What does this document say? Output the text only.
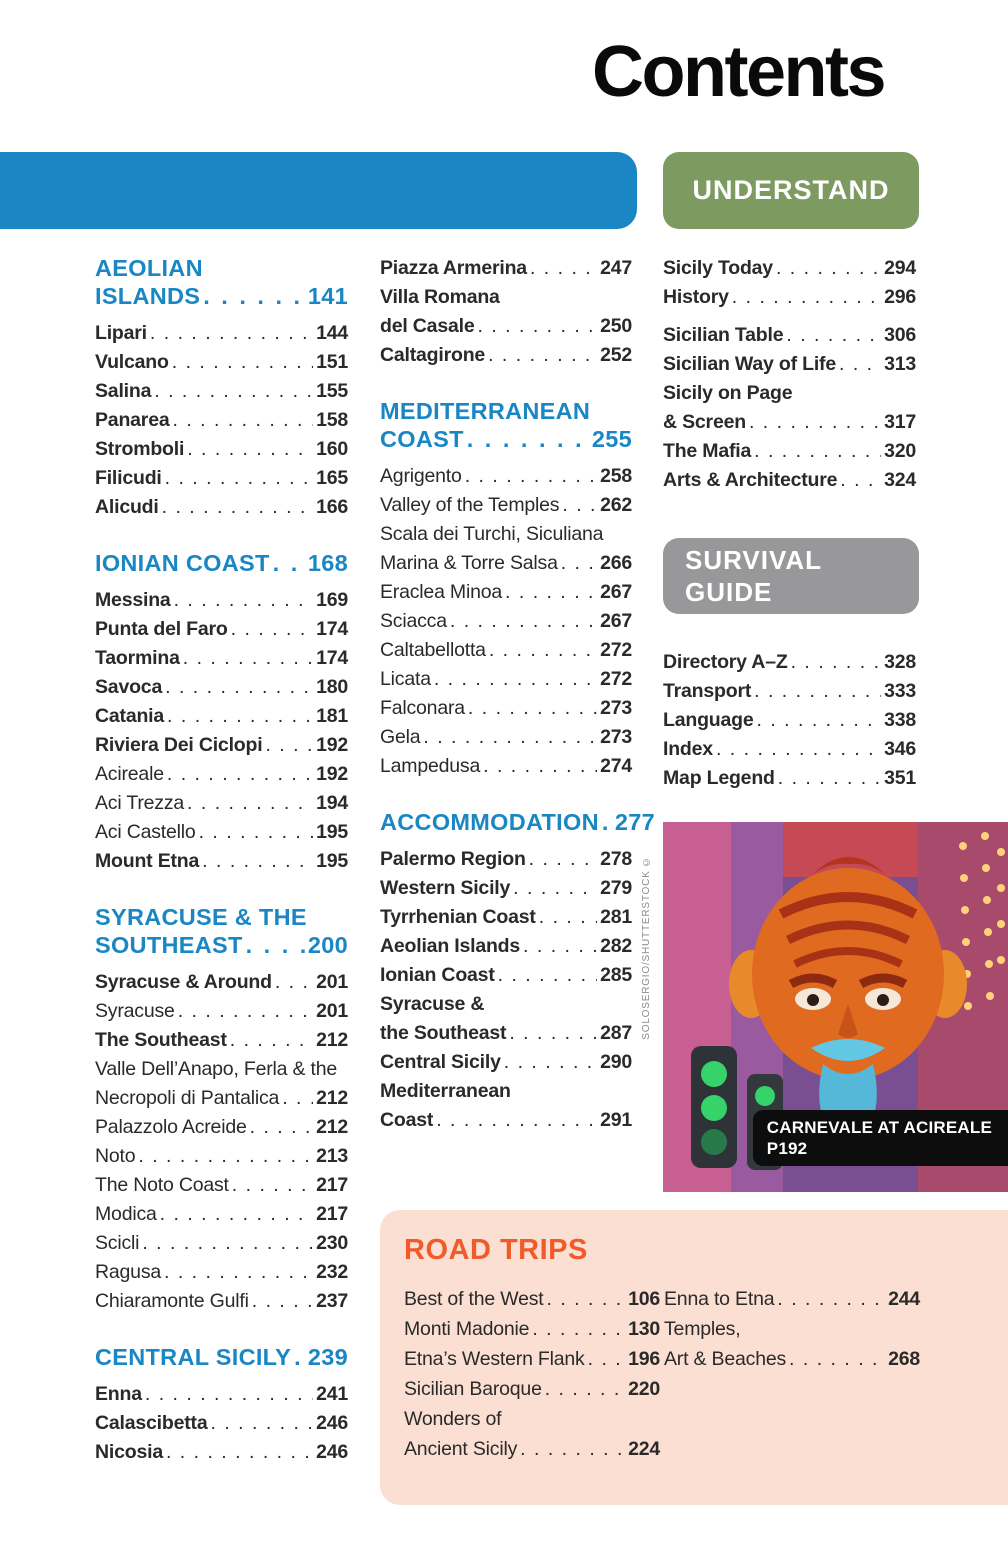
Contents
UNDERSTAND
AEOLIAN
ISLANDS . . .	141
Lipari . . .	144
Vulcano . . .	151
Salina . . .	155
Panarea . . .	158
Stromboli . . .	160
Filicudi . . .	165
Alicudi . . .	166
IONIAN COAST . . . 168
Messina . . .	169
Punta del Faro . . .	174
Taormina . . .	174
Savoca . . .	180
Catania . . .	181
Riviera Dei Ciclopi . . .	192
Acireale . . .	192
Aci Trezza . . .	194
Aci Castello . . .	195
Mount Etna . . .	195
SYRACUSE & THE
SOUTHEAST . . .	200
Syracuse & Around . . . 201
Syracuse . . .	201
The Southeast . . .	212
Valle Dell’Anapo, Ferla & the
Necropoli di Pantalica . . . 212
Palazzolo Acreide . . .	212
Noto . . .	213
The Noto Coast . . .	217
Modica . . .	217
Scicli . . .	230
Ragusa . . .	232
Chiaramonte Gulfi . . .	237
CENTRAL SICILY . . . 239
Enna . . .	241
Calascibetta . . .	246
Nicosia . . .	246
Piazza Armerina . . .	247
Villa Romana
del Casale . . .	250
Caltagirone . . .	252
MEDITERRANEAN
COAST . . .	255
Agrigento . . .	258
Valley of the Temples . . . 262
Scala dei Turchi, Siculiana
Marina & Torre Salsa . . . 266
Eraclea Minoa . . .	267
Sciacca . . .	267
Caltabellotta . . .	272
Licata . . .	272
Falconara . . .	273
Gela . . .	273
Lampedusa . . .	274
ACCOMMODATION . . . 277
Palermo Region . . .	278
Western Sicily . . .	279
Tyrrhenian Coast . . .	281
Aeolian Islands . . .	282
Ionian Coast . . .	285
Syracuse &
the Southeast . . .	287
Central Sicily . . .	290
Mediterranean
Coast . . .	291
Sicily Today . . .	294
History . . .	296
Sicilian Table . . .	306
Sicilian Way of Life . . . 313
Sicily on Page
& Screen . . .	317
The Mafia . . .	320
Arts & Architecture . . . 324
SURVIVAL
GUIDE
Directory A–Z . . .	328
Transport . . .	333
Language . . .	338
Index . . .	346
Map Legend . . .	351
CARNEVALE AT ACIREALE
P192
SOLOSERGIO/SHUTTERSTOCK ©
ROAD TRIPS
Best of the West . . .	106
Monti Madonie . . .	130
Etna’s Western Flank . . . 196
Sicilian Baroque . . .	220
Wonders of
Ancient Sicily . . .	224
Enna to Etna . . .	244
Temples,
Art & Beaches . . .	268
